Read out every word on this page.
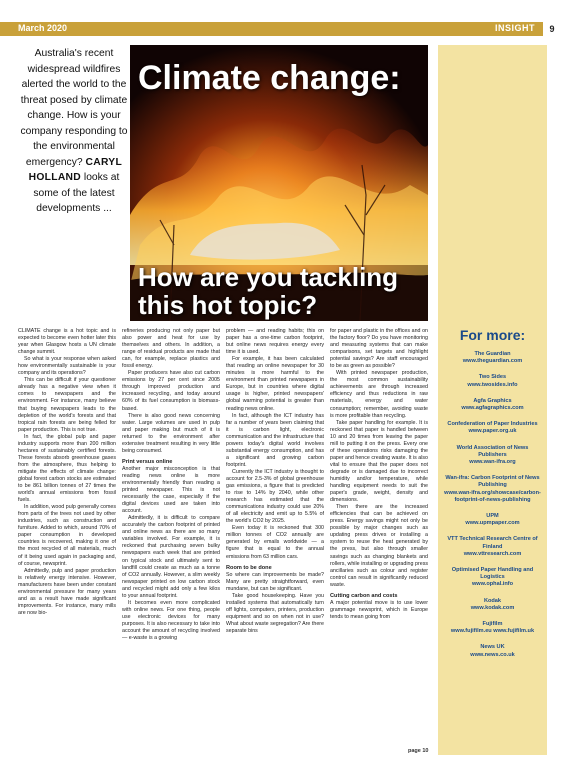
March 2020	INSIGHT	9
Australia's recent widespread wildfires alerted the world to the threat posed by climate change. How is your company responding to the environmental emergency? CARYL HOLLAND looks at some of the latest developments ...
Climate change:
How are you tackling this hot topic?
For more:
The Guardian
www.theguardian.com
Two Sides
www.twosides.info
Agfa Graphics
www.agfagraphics.com
Confederation of Paper Industries
www.paper.org.uk
World Association of News Publishers
www.wan-ifra.org
Wan-ifra: Carbon Footprint of News Publishing
www.wan-ifra.org/showcase/carbon-footprint-of-news-publishing
UPM
www.upmpaper.com
VTT Technical Research Centre of Finland
www.vttresearch.com
Optimised Paper Handling and Logistics
www.ophal.info
Kodak
www.kodak.com
Fujifilm
www.fujifilm.eu www.fujifilm.uk
News UK
www.news.co.uk

CLIMATE change is a hot topic and is expected to become even hotter later this year when Glasgow hosts a UN climate change summit.

So what is your response when asked how environmentally sustainable is your company and its operations?

This can be difficult if your questioner already has a negative view when it comes to newspapers and the environment. For instance, many believe that buying newspapers leads to the depletion of the world's forests and that tropical rain forests are being felled for paper production. This is not true.

In fact, the global pulp and paper industry supports more than 200 million hectares of sustainably certified forests. These forests absorb greenhouse gases from the atmosphere, thus helping to mitigate the effects of climate change: global forest carbon stocks are estimated to be 861 billion tonnes of 27 times the world's annual emissions from fossil fuels.

In addition, wood pulp generally comes from parts of the trees not used by other industries, such as construction and furniture. Added to which, around 70% of paper consumption in developed countries is recovered, making it one of the most recycled of all materials, much of it being used again in packaging and, of course, newsprint.

Admittedly, pulp and paper production is relatively energy intensive. However, manufacturers have been under constant environmental pressure for many years and as a result have made significant improvements. For instance, many mills are now bio-

refineries producing not only paper but also power and heat for use by themselves and others. In addition, a range of residual products are made that can, for example, replace plastics and fossil energy.

Paper producers have also cut carbon emissions by 27 per cent since 2005 through improved production and increased recycling, and today around 60% of its fuel consumption is biomass-based.

There is also good news concerning water. Large volumes are used in pulp and paper making but much of it is returned to the environment after extensive treatment resulting in very little being consumed.

Print versus online

Another major misconception is that reading news online is more environmentally friendly than reading a printed newspaper. This is not necessarily the case, especially if the digital devices used are taken into account.

Admittedly, it is difficult to compare accurately the carbon footprint of printed and online news as there are so many variables involved. For example, it is reckoned that purchasing seven bulky newspapers each week that are printed on typical stock and ultimately sent to landfill could create as much as a tonne of CO2 annually. However, a slim weekly newspaper printed on low carbon stock and recycled might add only a few kilos to your annual footprint.

It becomes even more complicated with online news. For one thing, people use electronic devices for many purposes. It is also necessary to take into account the amount of recycling involved — e-waste is a growing

problem — and reading habits; this on paper has a one-time carbon footprint, but online news requires energy every time it is used.

For example, it has been calculated that reading an online newspaper for 30 minutes is more harmful to the environment than printed newspapers in Europe, but in countries where digital usage is higher, printed newspapers' global warming potential is greater than reading news online.

In fact, although the ICT industry has far a number of years been claiming that it is carbon light, electronic communication and the infrastructure that powers today's digital world involves substantial energy consumption, and has a significant and growing carbon footprint.

Currently the ICT industry is thought to account for 2.5-3% of global greenhouse gas emissions, a figure that is predicted to rise to 14% by 2040, while other research has estimated that the communications industry could use 20% of all electricity and emit up to 5.5% of the world's CO2 by 2025.

Even today it is reckoned that 300 million tonnes of CO2 annually are generated by emails worldwide — a figure that is equal to the annual emissions from 63 million cars.

Room to be done

So where can improvements be made? Many are pretty straightforward, even mundane, but can be significant.

Take good housekeeping. Have you installed systems that automatically turn off lights, computers, printers, production equipment and so on when not in use? What about waste segregation? Are there separate bins

for paper and plastic in the offices and on the factory floor? Do you have monitoring and measuring systems that can make comparisons, set targets and highlight potential savings? Are staff encouraged to be as green as possible?

With printed newspaper production, the most common sustainability achievements are through increased efficiency and thus reductions in raw materials, energy and water consumption; remember, avoiding waste is more profitable than recycling.

Take paper handling for example. It is reckoned that paper is handled between 10 and 20 times from leaving the paper mill to putting it on the press. Every one of these operations risks damaging the paper and hence creating waste. It is also vital to ensure that the paper does not degrade or is damaged due to incorrect humidity and/or temperature, while handling equipment needs to suit the paper's grade, weight, density and dimensions.

Then there are the increased efficiencies that can be achieved on press. Energy savings might not only be possible by major changes such as updating press drives or installing a system to reuse the heat generated by the press, but also through smaller savings such as changing blankets and rollers, while installing or upgrading press ancillaries such as colour and register control can result in significantly reduced waste.

Cutting carbon and costs

A major potential move is to use lower grammage newsprint, which in Europe tends to mean going from

page 10
